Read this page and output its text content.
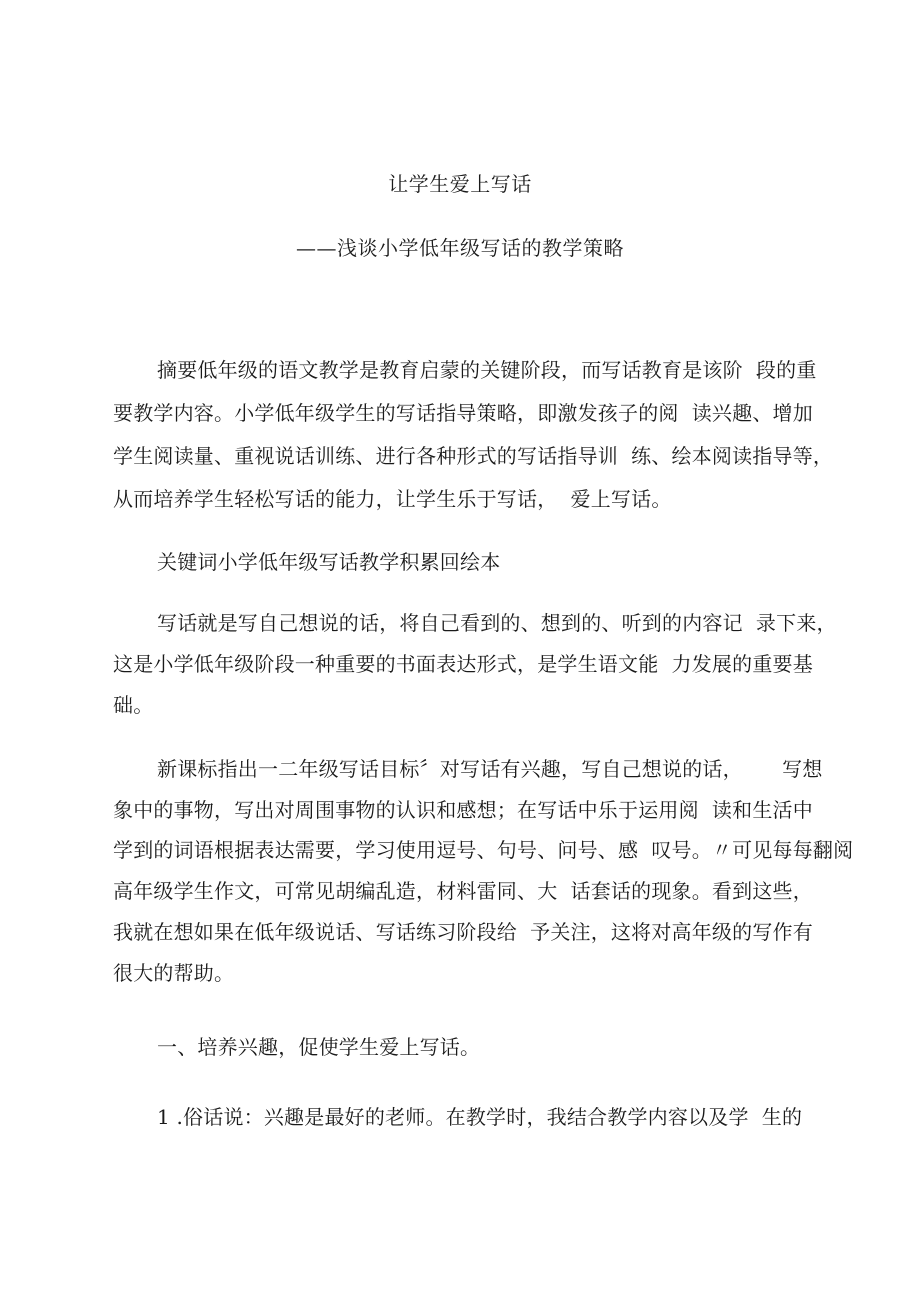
让学生爱上写话
——浅谈小学低年级写话的教学策略
摘要低年级的语文教学是教育启蒙的关键阶段，而写话教育是该阶  段的重
要教学内容。小学低年级学生的写话指导策略，即激发孩子的阅  读兴趣、增加
学生阅读量、重视说话训练、进行各种形式的写话指导训  练、绘本阅读指导等，
从而培养学生轻松写话的能力，让学生乐于写话，  爱上写话。
关键词小学低年级写话教学积累回绘本
写话就是写自己想说的话，将自己看到的、想到的、听到的内容记  录下来，
这是小学低年级阶段一种重要的书面表达形式，是学生语文能  力发展的重要基
础。
新课标指出一二年级写话目标〞对写话有兴趣，写自己想说的话，      写想
象中的事物，写出对周围事物的认识和感想；在写话中乐于运用阅  读和生活中
学到的词语根据表达需要，学习使用逗号、句号、问号、感  叹号。〃可见每每翻阅
高年级学生作文，可常见胡编乱造，材料雷同、大  话套话的现象。看到这些，
我就在想如果在低年级说话、写话练习阶段给  予关注，这将对高年级的写作有
很大的帮助。
一、培养兴趣，促使学生爱上写话。
1 .俗话说：兴趣是最好的老师。在教学时，我结合教学内容以及学  生的
